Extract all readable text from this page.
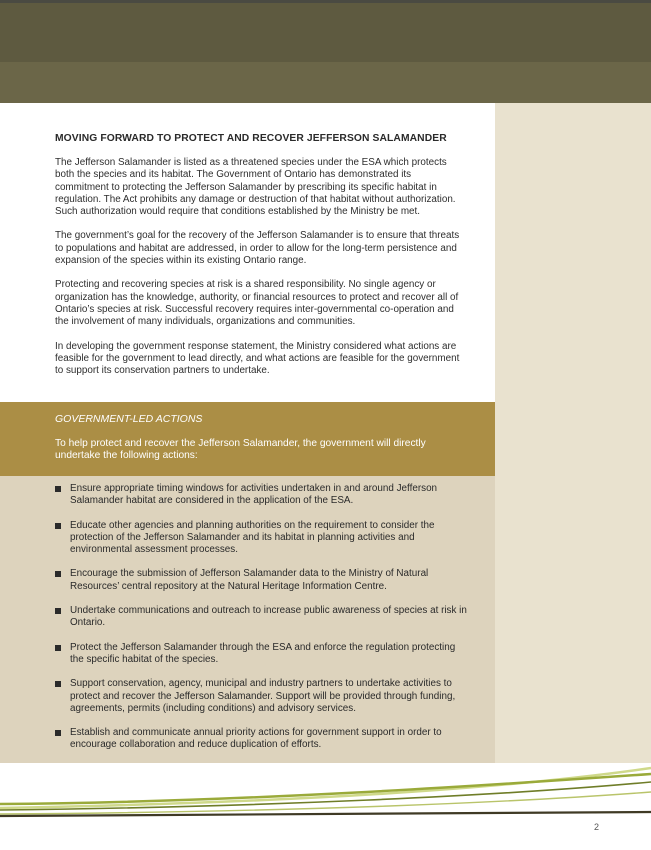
MOVING FORWARD TO PROTECT AND RECOVER JEFFERSON SALAMANDER

The Jefferson Salamander is listed as a threatened species under the ESA which protects both the species and its habitat. The Government of Ontario has demonstrated its commitment to protecting the Jefferson Salamander by prescribing its specific habitat in regulation. The Act prohibits any damage or destruction of that habitat without authorization. Such authorization would require that conditions established by the Ministry be met.

The government’s goal for the recovery of the Jefferson Salamander is to ensure that threats to populations and habitat are addressed, in order to allow for the long-term persistence and expansion of the species within its existing Ontario range.

Protecting and recovering species at risk is a shared responsibility. No single agency or organization has the knowledge, authority, or financial resources to protect and recover all of Ontario’s species at risk. Successful recovery requires inter-governmental co-operation and the involvement of many individuals, organizations and communities.

In developing the government response statement, the Ministry considered what actions are feasible for the government to lead directly, and what actions are feasible for the government to support its conservation partners to undertake.

GOVERNMENT-LED ACTIONS

To help protect and recover the Jefferson Salamander, the government will directly undertake the following actions:

Ensure appropriate timing windows for activities undertaken in and around Jefferson Salamander habitat are considered in the application of the ESA.
Educate other agencies and planning authorities on the requirement to consider the protection of the Jefferson Salamander and its habitat in planning activities and environmental assessment processes.
Encourage the submission of Jefferson Salamander data to the Ministry of Natural Resources’ central repository at the Natural Heritage Information Centre.
Undertake communications and outreach to increase public awareness of species at risk in Ontario.
Protect the Jefferson Salamander through the ESA and enforce the regulation protecting the specific habitat of the species.
Support conservation, agency, municipal and industry partners to undertake activities to protect and recover the Jefferson Salamander. Support will be provided through funding, agreements, permits (including conditions) and advisory services.
Establish and communicate annual priority actions for government support in order to encourage collaboration and reduce duplication of efforts.
2
